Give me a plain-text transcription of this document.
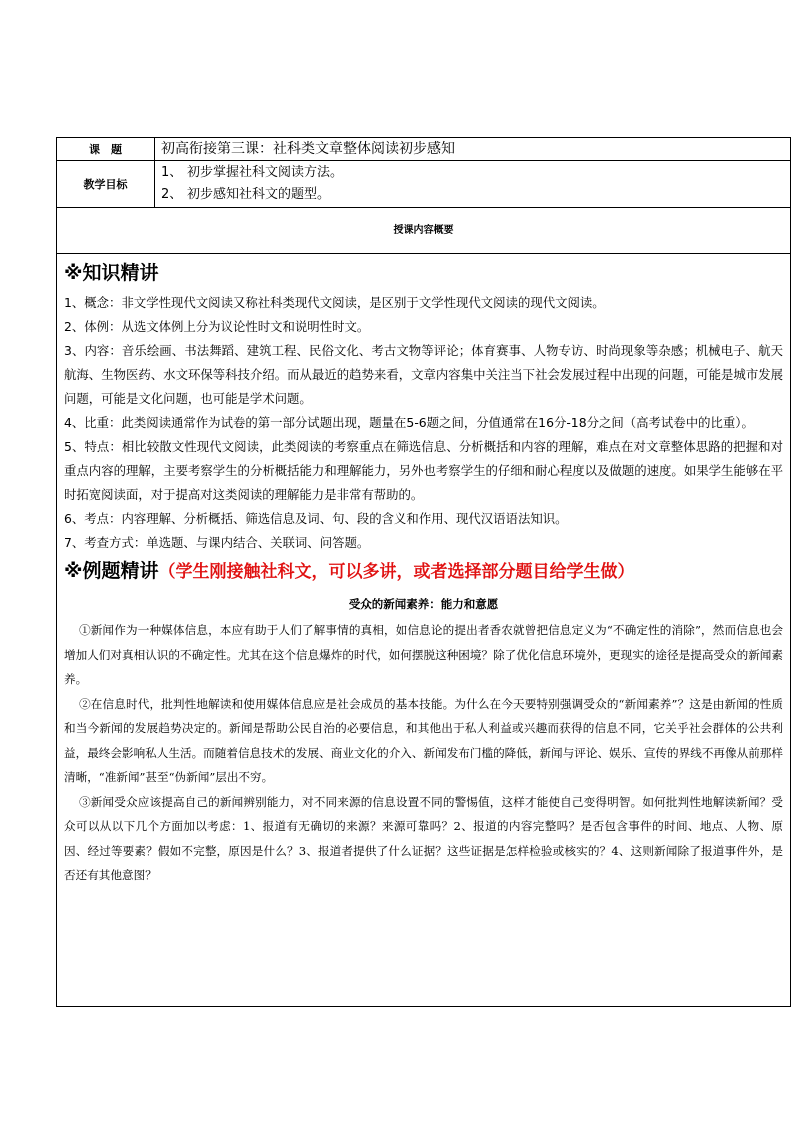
课　题	初高衔接第三课：社科类文章整体阅读初步感知
教学目标
1、 初步掌握社科文阅读方法。
2、 初步感知社科文的题型。
授课内容概要
※知识精讲

1、概念：非文学性现代文阅读又称社科类现代文阅读，是区别于文学性现代文阅读的现代文阅读。

2、体例：从选文体例上分为议论性时文和说明性时文。

3、内容：音乐绘画、书法舞蹈、建筑工程、民俗文化、考古文物等评论；体育赛事、人物专访、时尚现象等杂感；机械电子、航天航海、生物医药、水文环保等科技介绍。而从最近的趋势来看，文章内容集中关注当下社会发展过程中出现的问题，可能是城市发展问题，可能是文化问题，也可能是学术问题。

4、比重：此类阅读通常作为试卷的第一部分试题出现，题量在5-6题之间，分值通常在16分-18分之间（高考试卷中的比重）。

5、特点：相比较散文性现代文阅读，此类阅读的考察重点在筛选信息、分析概括和内容的理解，难点在对文章整体思路的把握和对重点内容的理解，主要考察学生的分析概括能力和理解能力，另外也考察学生的仔细和耐心程度以及做题的速度。如果学生能够在平时拓宽阅读面，对于提高对这类阅读的理解能力是非常有帮助的。

6、考点：内容理解、分析概括、筛选信息及词、句、段的含义和作用、现代汉语语法知识。

7、考查方式：单选题、与课内结合、关联词、问答题。

※例题精讲（学生刚接触社科文，可以多讲，或者选择部分题目给学生做）
受众的新闻素养：能力和意愿

①新闻作为一种媒体信息，本应有助于人们了解事情的真相，如信息论的提出者香农就曾把信息定义为“不确定性的消除”，然而信息也会增加人们对真相认识的不确定性。尤其在这个信息爆炸的时代，如何摆脱这种困境？除了优化信息环境外，更现实的途径是提高受众的新闻素养。

②在信息时代，批判性地解读和使用媒体信息应是社会成员的基本技能。为什么在今天要特别强调受众的“新闻素养”？这是由新闻的性质和当今新闻的发展趋势决定的。新闻是帮助公民自治的必要信息，和其他出于私人利益或兴趣而获得的信息不同，它关乎社会群体的公共利益，最终会影响私人生活。而随着信息技术的发展、商业文化的介入、新闻发布门槛的降低，新闻与评论、娱乐、宣传的界线不再像从前那样清晰，“准新闻”甚至“伪新闻”层出不穷。

③新闻受众应该提高自己的新闻辨别能力，对不同来源的信息设置不同的警惕值，这样才能使自己变得明智。如何批判性地解读新闻？受众可以从以下几个方面加以考虑：1、报道有无确切的来源？来源可靠吗？2、报道的内容完整吗？是否包含事件的时间、地点、人物、原因、经过等要素？假如不完整，原因是什么？3、报道者提供了什么证据？这些证据是怎样检验或核实的？4、这则新闻除了报道事件外，是否还有其他意图？
